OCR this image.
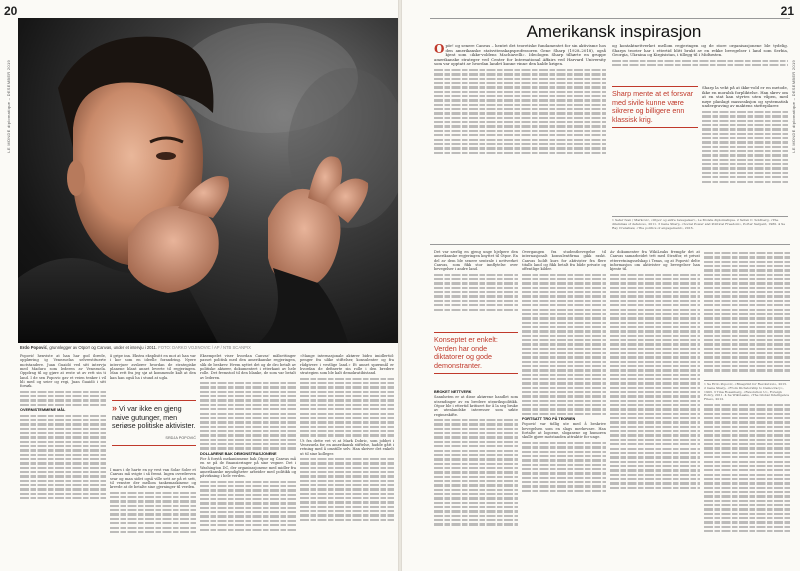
20
LE MONDE diplomatique – DESEMBER 2019
Erdo Popović, grunnlegger av Otpor! og Canvas, under et intervju i 2011. FOTO: DARKO VOJINOVIC / AP / NTB SCANPIX
Popović henviste at han har god ibrede, opplæring ig Venezuelas selvrestituerte motstandere. Juan Guaidó ved sitt intervju med Maduro som lederen av Venezuela. Oppdrag til og gjøre at reste ut av rett sin ti land. I de sen Popovic gav et veien tenker i vil bli med og seier og regi, Juan Guaidó i sitt forsøk.
OVERNISTEMMENE MÅL
å gripe inn. Ekstra eksplisitt en mot at han var i kor som en ideelle forandring. Nyere intervjuer avslører hvordan de strategiske planene blant annet leverte til regjeringen. Man rett fra jeg sjø at kommende kalt at den kan han også ha i stund at ugla.
» Vi var ikke en gjeng naive gutunger, men seriøse politiske aktivister.
SRDJA POPOVIĆ
I mars i de harte en ny vest van Solar Soler et Canvas må svigte i så fremt. Ingen overdreven svar og man sidet også ville sett av på et sett, til venstre der mellom tankemaskinene og krevde at de betalte sine gjerninger til verden.
Eksempelet viser hvordan Canvas' målsettinger passet politisk med den amerikanske regjeringen, slik de beskrev. Hvem nyttet det og de dro betalt av politiske aktører, dokumentert i etterkant av hele rolle. Det fremstod til den blanke, de som var betalt av lederen.
DOLLARENE BAK DEMONSTRASJONENE
For å forstå mekanismene bak Otpor og Canvas må en se på de finansieringer på sine vegner. Det i Washington DC, der organisasjonene med midler fra amerikanske myndigheter arbeider med politikk og påvirkning i hele verden.
«Mange internasjonale aktører bidro imidlertid: penger fra ulike stiftelser, konsulenter og fra rådgivere i vestlige land.» Et annet spørsmål er hvordan de definerte sin rolle i den bredere strategien som ble kalt demokratibistand.
Ut fra dette vet vi at Mark Dobric, som jobbet i Venezuela for en amerikansk stiftelse, hadde gått i retning med å omstille selv. Han skriver det enkelt ut til sine kolleger.
21
LE MONDE diplomatique – DESEMBER 2019
Amerikansk inspirasjon
O pör! og senere Canvas – hentet det teoretiske fundamentet for sin aktivisme hos den amerikanske statsvitenskapsprofessoren Gene Sharp (1928–2018), også kjent som «ikke-voldens Machiavelli». Ideologen Sharp tilhørte en gruppe amerikanske strateger ved Center for International Affairs ved Harvard University som var opptatt av hvordan landet kunne vinne den kalde krigen.
og kontaktnettverket mellom regjeringen og de store organisasjonene ble tydelig. Sharps teorier har i ettertid blitt brukt av en rekke bevegelser i land som Serbia, Georgia, Ukraina og Kirgisistan, i tillegg til i Midtøsten.
Sharp mente at et forsvar med sivile kunne være sikrere og billigere enn klassisk krig.
Sharp la vekt på at ikke-vold er en metode, ikke en moralsk forpliktelse. Han skrev om at en stat kan styrtes uten våpen, med nøye planlagt masseaksjon og systematisk undergraving av maktens støttepilarer.
1 Sefer Ivan / Marković, «Otpor og eldre bevegelser», Le Monde diplomatique. 2 Søren C. Soldberg, «The dilemmas of defence», 2011. 3 Gene Sharp, «Social Power and Political Freedom», Porter Sargent, 1980. 4 Se Ray Crenshaw, «The politics of engagement», 2016.
Det var særlig en gjeng unge hjelpere den amerikanske regjeringen knyttet til Otpor. En del av dem ble senere sentrale i nettverket Canvas, som fikk stor innflytelse over bevegelser i andre land.
Konseptet er enkelt: Verden har onde diktatorer og gode demonstranter.
BROKET NETTVERK
Sannheten er at disse aktørene handlet som utsendinger av en bredere utenrikspolitikk. Otpor ble i ettertid kritisert for å la seg bruke av utenlandske interesser som søkte regimeskifte.
Overgangen fra studentbevegelse til internasjonalt konsulentfirma gikk raskt. Canvas holdt kurs for aktivister fra flere titalls land og fikk betalt fra både private og offentlige kilder.
FORTSATT TRO PÅ TEORIEN
Popović var tidlig ute med å beskrive bevegelsen som en slags merkevare. Han fortalte at logoene, sloganene og humoren skulle gjøre motstanden attraktiv for unge.
Av dokumenter fra WikiLeaks fremgår det at Canvas samarbeidet tett med Stratfor, et privat etterretningsselskap i Texas, og at Popović delte informasjon om aktivister og bevegelser han kjente til.
1 Se Erdo Popović, «Blueprint for Revolution», 2015. 2 Gene Sharp, «From Dictatorship to Democracy», 1993. 3 Tina Rosenberg, «Revolution U», Foreign Policy, 2011. 4 Se WikiLeaks, «The Global Intelligence Files», 2012.
